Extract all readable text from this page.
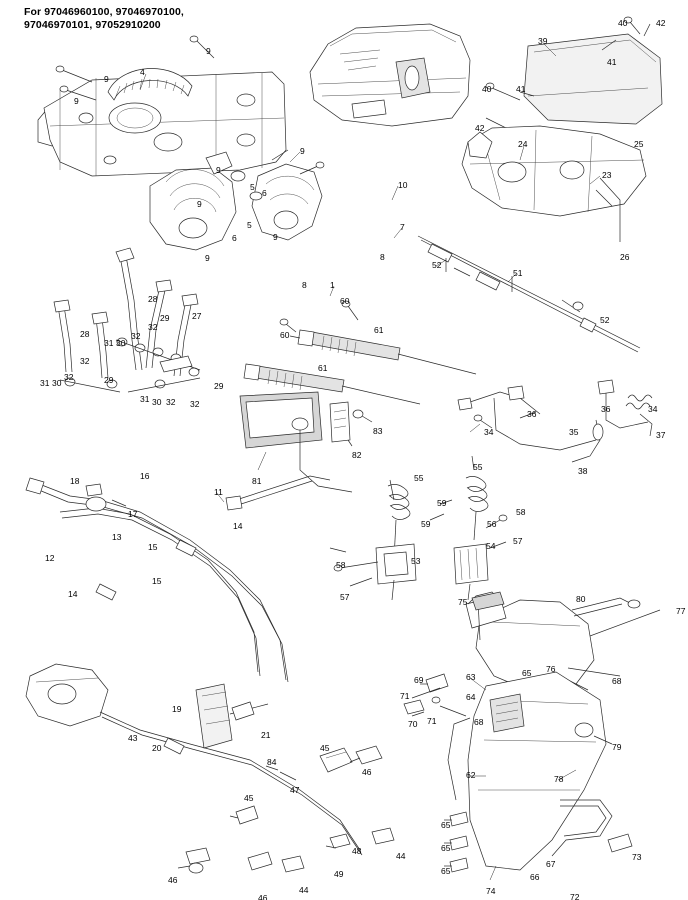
For 97046960100, 97046970100,
97046970101, 97052910200
9
9
9
4
9
9
5
6
9
5
6	9
9
10
7
8
8	1
39
40	42
41
41
40
42
24	25
23
26
52
51
52
60
60	61
61
28
29
32
28
31 30
32
27
32
29
31 30
32
31 30 32
29
32
83
82
81
36	36	34
34	35	37
38
18	16
17
13
11
12
15
14
15
14
55
55
59
59
58
56
57
54
58	53
57	75	80
77
76
68
63
69
71
70 71
64
65
68
79
62	78
19
21
20
43
84
45
46
45
47
44
48
49
44
46
46
65
65
65
74
66
67
72
73
